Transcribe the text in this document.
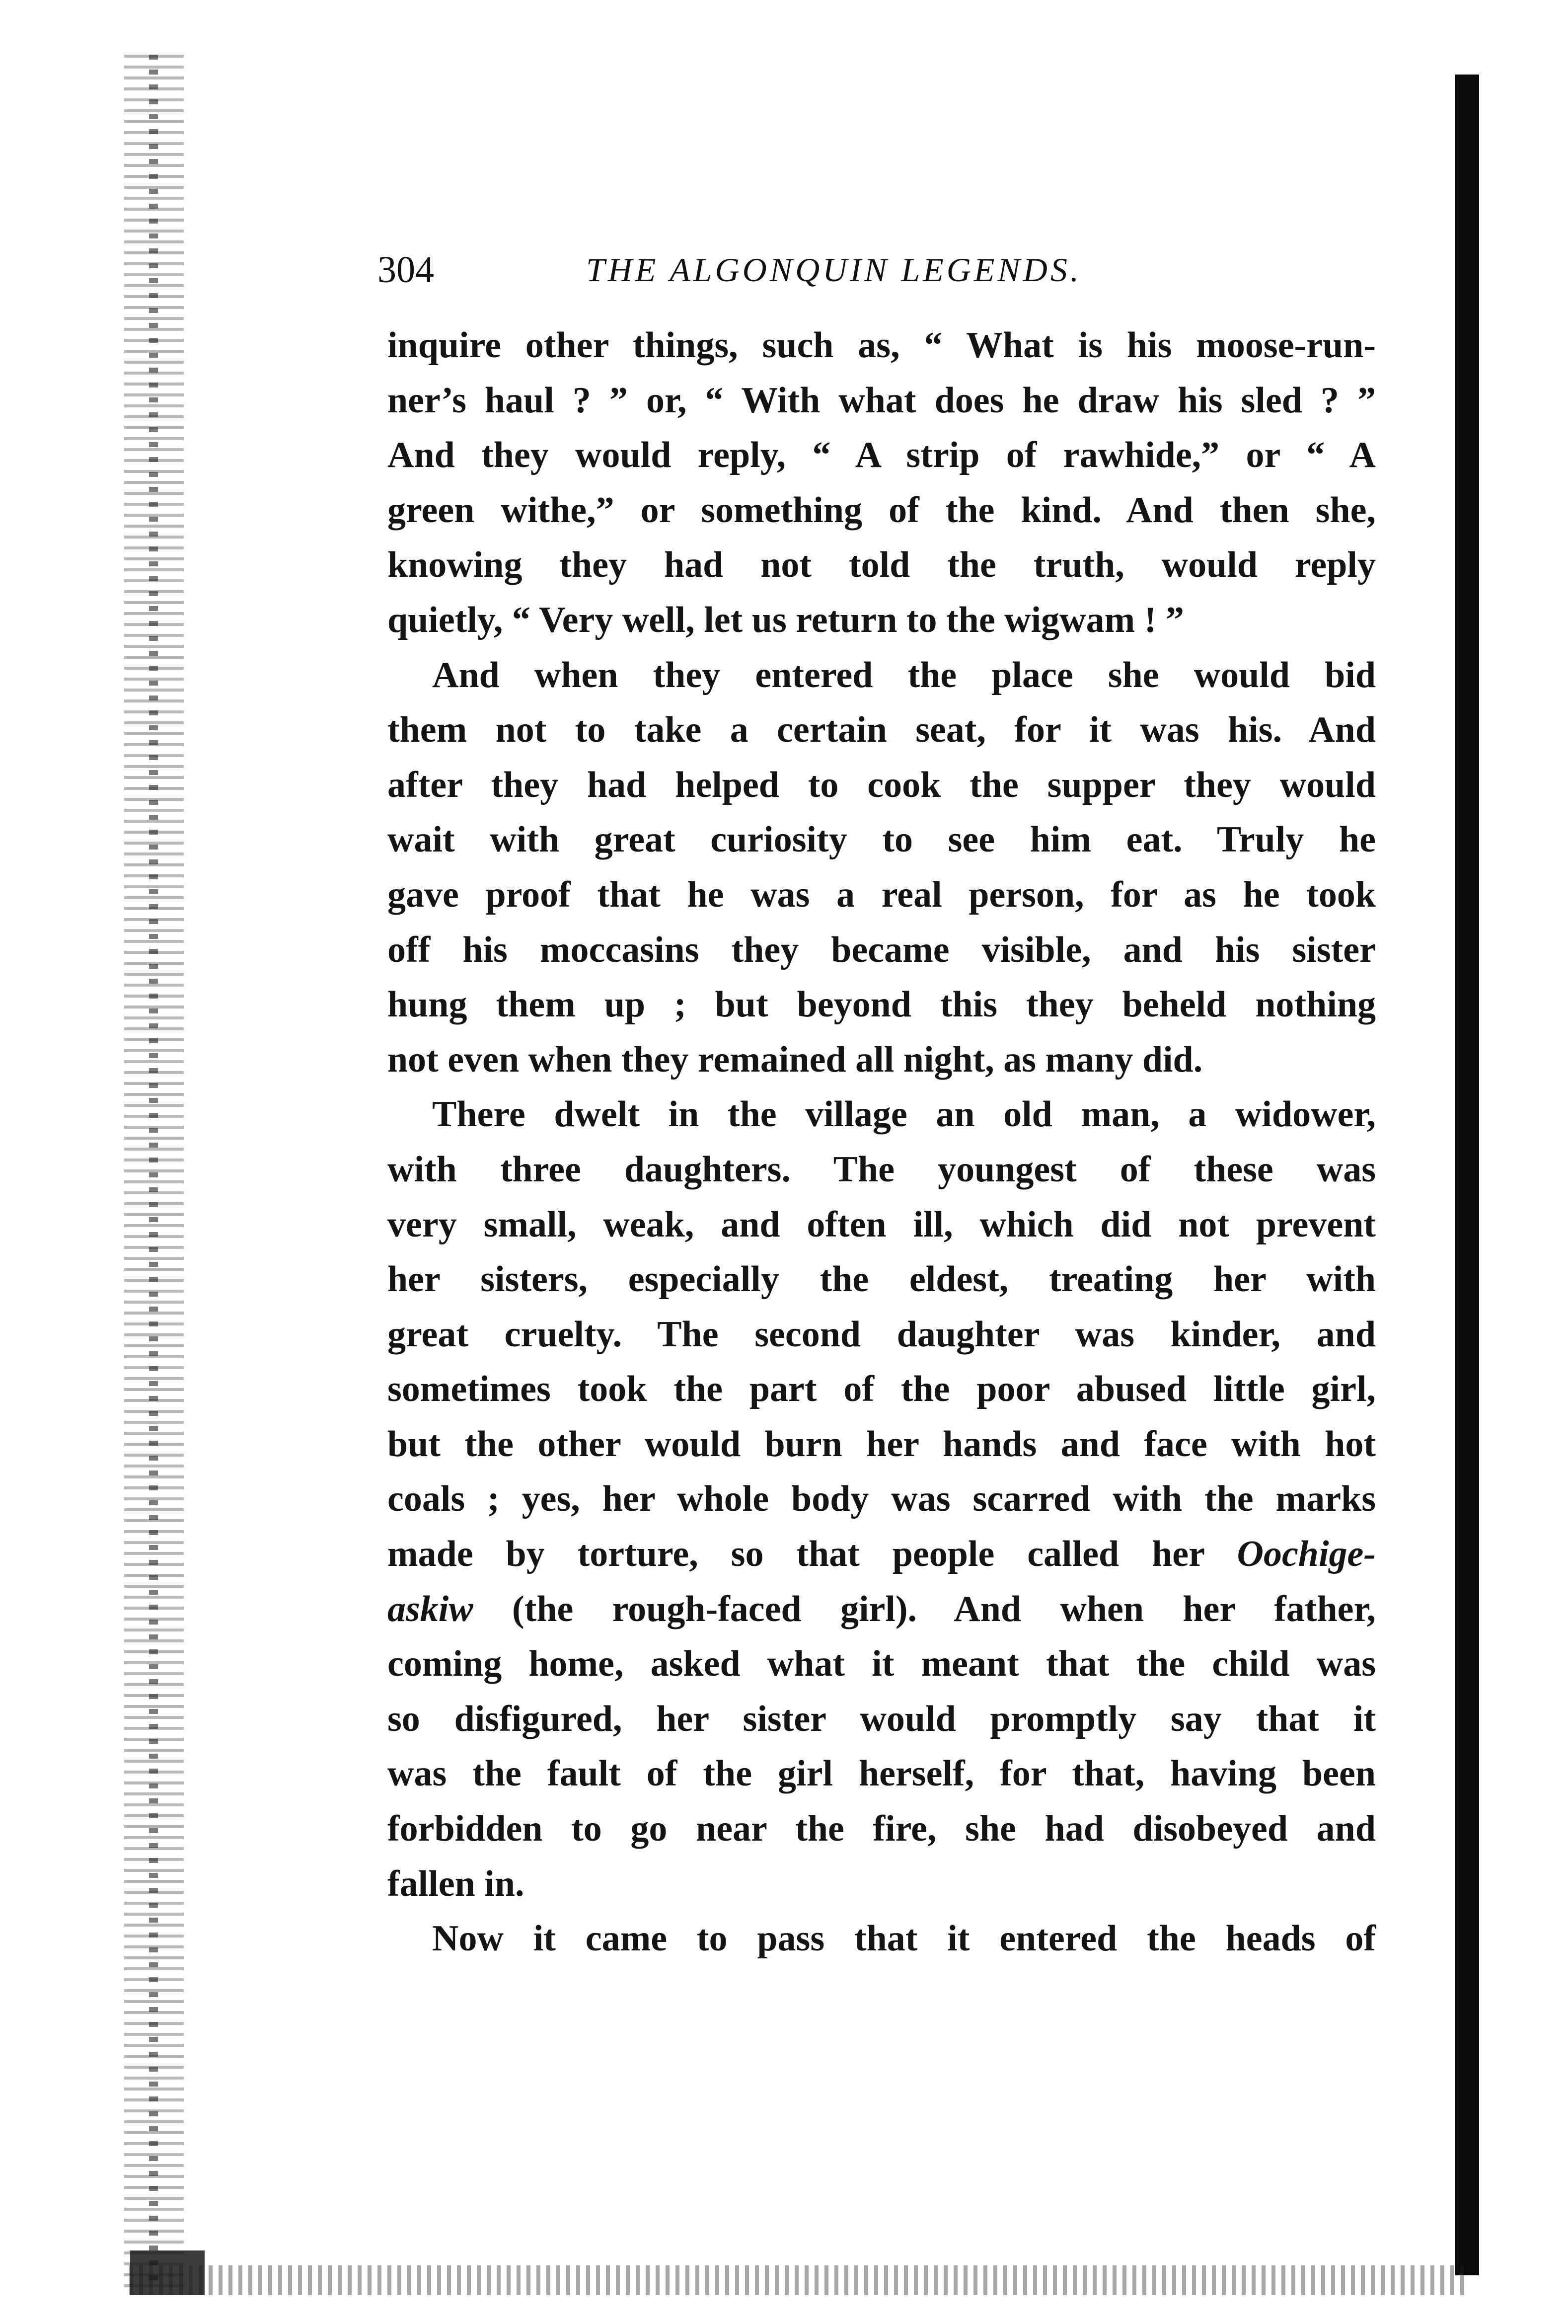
304	THE ALGONQUIN LEGENDS.
inquire other things, such as, “ What is his moose-run-
ner’s haul ? ” or, “ With what does he draw his sled ? ”
And they would reply, “ A strip of rawhide,” or “ A
green withe,” or something of the kind. And then she,
knowing they had not told the truth, would reply
quietly, “ Very well, let us return to the wigwam ! ”
And when they entered the place she would bid
them not to take a certain seat, for it was his. And
after they had helped to cook the supper they would
wait with great curiosity to see him eat. Truly he
gave proof that he was a real person, for as he took
off his moccasins they became visible, and his sister
hung them up ; but beyond this they beheld nothing
not even when they remained all night, as many did.
There dwelt in the village an old man, a widower,
with three daughters. The youngest of these was
very small, weak, and often ill, which did not prevent
her sisters, especially the eldest, treating her with
great cruelty. The second daughter was kinder, and
sometimes took the part of the poor abused little girl,
but the other would burn her hands and face with hot
coals ; yes, her whole body was scarred with the marks
made by torture, so that people called her Oochige-
askiw (the rough-faced girl). And when her father,
coming home, asked what it meant that the child was
so disfigured, her sister would promptly say that it
was the fault of the girl herself, for that, having been
forbidden to go near the fire, she had disobeyed and
fallen in.
Now it came to pass that it entered the heads of
